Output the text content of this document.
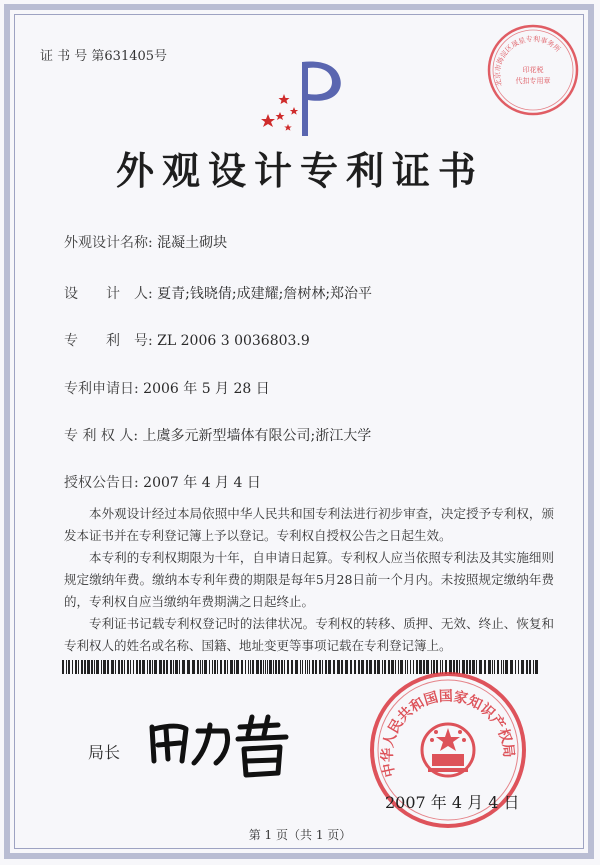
证 书 号 第631405号
外观设计专利证书
外观设计名称: 混凝土砌块
设　　计　人: 夏青;钱晓倩;成建耀;詹树林;郑治平
专　　利　号: ZL 2006 3 0036803.9
专利申请日: 2006 年 5 月 28 日
专 利 权 人: 上虞多元新型墙体有限公司;浙江大学
授权公告日: 2007 年 4 月 4 日

本外观设计经过本局依照中华人民共和国专利法进行初步审查，决定授予专利权，颁发本证书并在专利登记簿上予以登记。专利权自授权公告之日起生效。

本专利的专利权期限为十年，自申请日起算。专利权人应当依照专利法及其实施细则规定缴纳年费。缴纳本专利年费的期限是每年5月28日前一个月内。未按照规定缴纳年费的，专利权自应当缴纳年费期满之日起终止。

专利证书记载专利权登记时的法律状况。专利权的转移、质押、无效、终止、恢复和专利权人的姓名或名称、国籍、地址变更等事项记载在专利登记簿上。

局长
中华人民共和国国家知识产权局
2007 年 4 月 4 日
北京市海淀区晟星专利事务所
印花税
代扣专用章
第 1 页（共 1 页）
